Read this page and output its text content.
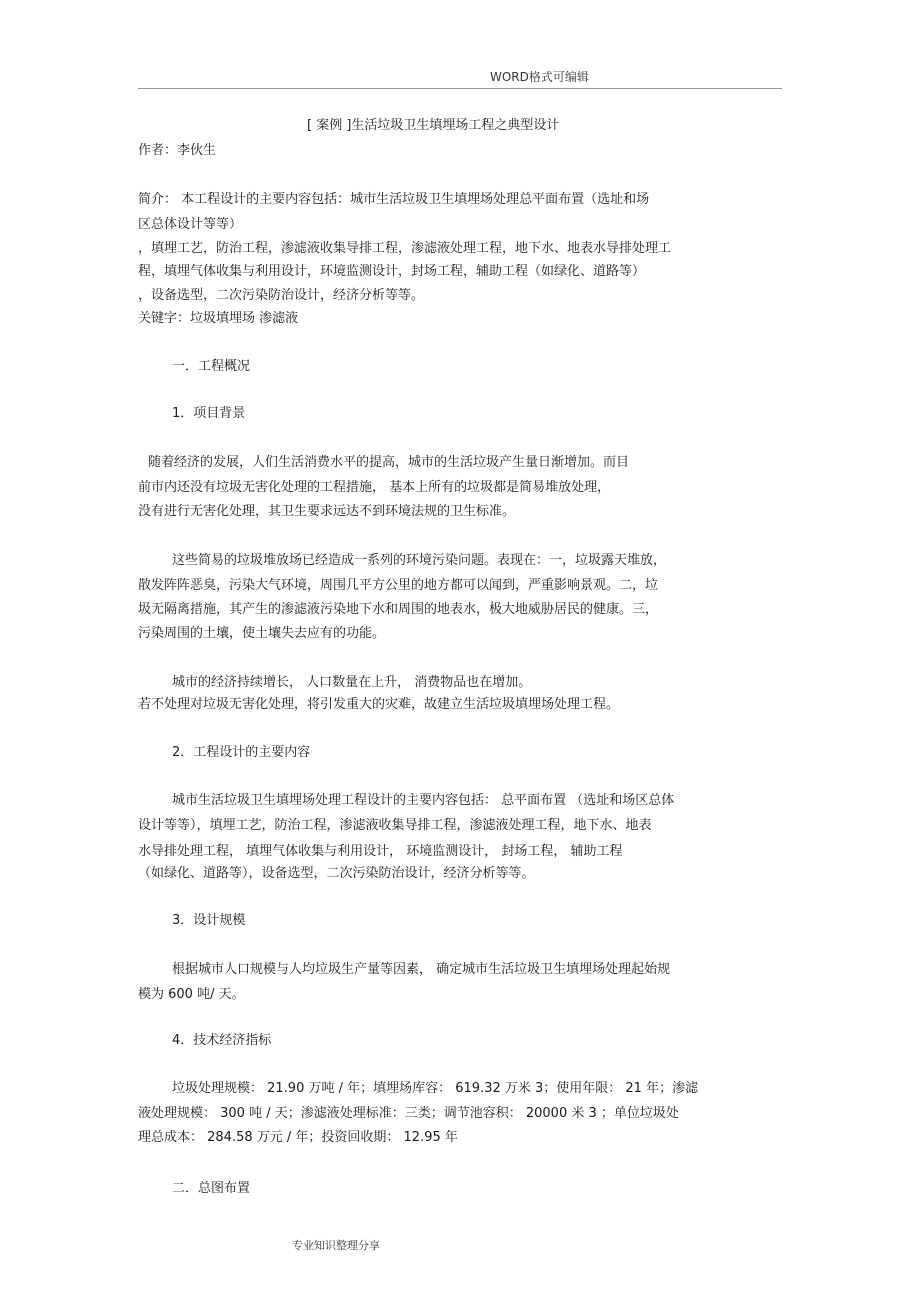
WORD格式可编辑
[ 案例 ]生活垃圾卫生填埋场工程之典型设计
作者：李伙生
简介： 本工程设计的主要内容包括：城市生活垃圾卫生填埋场处理总平面布置（选址和场
区总体设计等等）
，填埋工艺，防治工程，渗滤液收集导排工程，渗滤液处理工程，地下水、地表水导排处理工
程，填埋气体收集与利用设计，环境监测设计，封场工程，辅助工程（如绿化、道路等）
，设备选型，二次污染防治设计，经济分析等等。
关键字：垃圾填埋场 渗滤液
一．工程概况
1．项目背景
随着经济的发展，人们生活消费水平的提高，城市的生活垃圾产生量日渐增加。而目
前市内还没有垃圾无害化处理的工程措施， 基本上所有的垃圾都是简易堆放处理，
没有进行无害化处理，其卫生要求远达不到环境法规的卫生标准。
这些简易的垃圾堆放场已经造成一系列的环境污染问题。表现在：一，垃圾露天堆放，
散发阵阵恶臭，污染大气环境，周围几平方公里的地方都可以闻到，严重影响景观。二，垃
圾无隔离措施，其产生的渗滤液污染地下水和周围的地表水，极大地威胁居民的健康。三，
污染周围的土壤，使土壤失去应有的功能。
城市的经济持续增长， 人口数量在上升， 消费物品也在增加。
若不处理对垃圾无害化处理，将引发重大的灾难，故建立生活垃圾填埋场处理工程。
2．工程设计的主要内容
城市生活垃圾卫生填埋场处理工程设计的主要内容包括： 总平面布置 （选址和场区总体
设计等等），填埋工艺，防治工程，渗滤液收集导排工程，渗滤液处理工程，地下水、地表
水导排处理工程， 填埋气体收集与利用设计， 环境监测设计， 封场工程， 辅助工程
（如绿化、道路等），设备选型，二次污染防治设计，经济分析等等。
3．设计规模
根据城市人口规模与人均垃圾生产量等因素， 确定城市生活垃圾卫生填埋场处理起始规
模为 600 吨/ 天。
4．技术经济指标
垃圾处理规模： 21.90 万吨 / 年；填埋场库容： 619.32 万米 3；使用年限： 21 年；渗滤
液处理规模： 300 吨 / 天；渗滤液处理标准：三类；调节池容积： 20000 米 3 ；单位垃圾处
理总成本： 284.58 万元 / 年；投资回收期： 12.95 年
二．总图布置
专业知识整理分享
